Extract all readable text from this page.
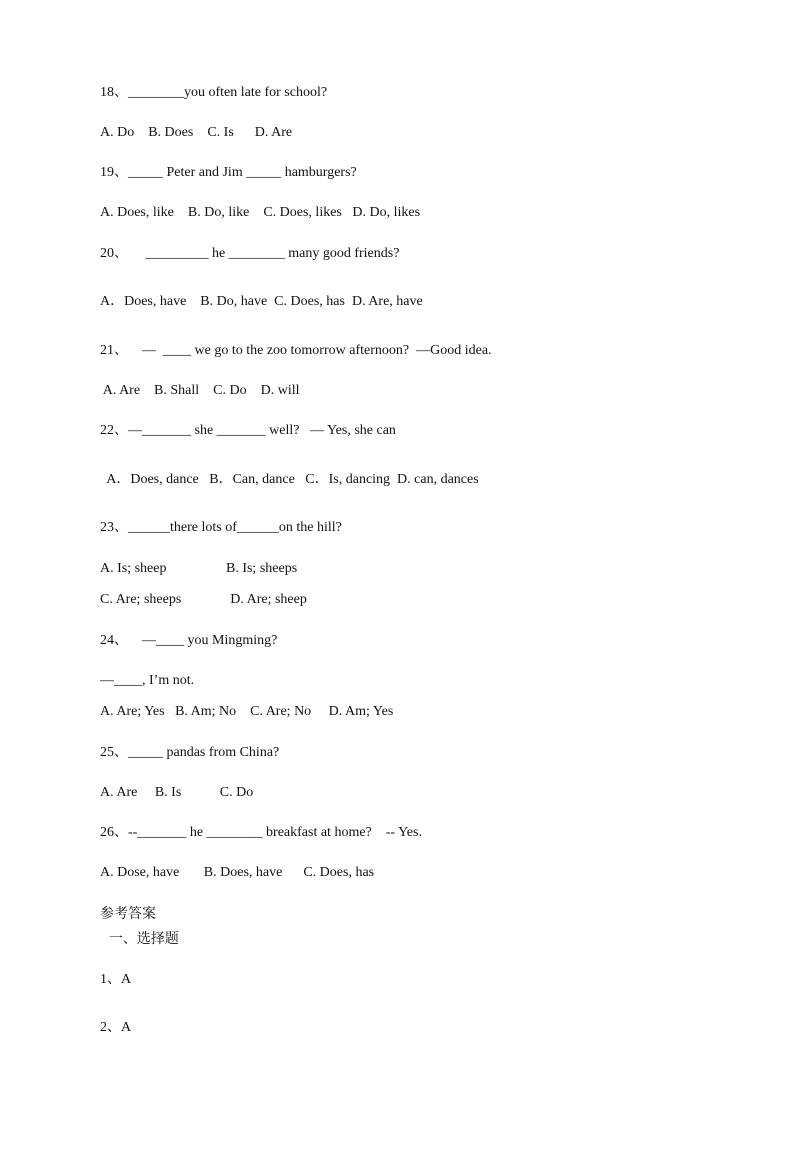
18、________you often late for school?
A. Do    B. Does    C. Is      D. Are
19、_____ Peter and Jim _____ hamburgers?
A. Does, like    B. Do, like    C. Does, likes   D. Do, likes
20、     _________ he ________ many good friends?
A．Does, have    B. Do, have  C. Does, has  D. Are, have
21、    —  ____ we go to the zoo tomorrow afternoon?  —Good idea.
A. Are    B. Shall    C. Do    D. will
22、—_______ she _______ well?   — Yes, she can
A．Does, dance   B．Can, dance   C．Is, dancing  D. can, dances
23、______there lots of______on the hill?
A. Is; sheep                 B. Is; sheeps
C. Are; sheeps              D. Are; sheep
24、    —____ you Mingming?
—____, I’m not.
A. Are; Yes   B. Am; No    C. Are; No     D. Am; Yes
25、_____ pandas from China?
A. Are     B. Is           C. Do
26、--_______ he ________ breakfast at home?    -- Yes.
A. Dose, have       B. Does, have      C. Does, has
参考答案
一、选择题
1、A
2、A
